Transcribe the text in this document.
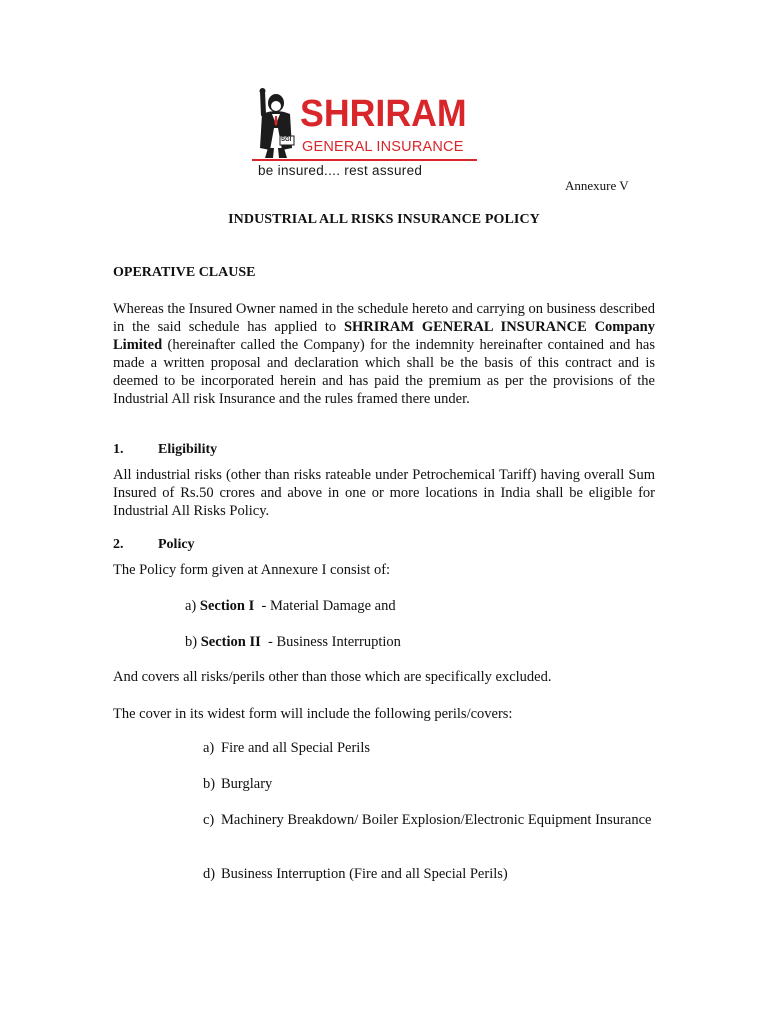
SGI
SHRIRAM
GENERAL INSURANCE
be insured.... rest assured

Annexure V

INDUSTRIAL ALL RISKS INSURANCE POLICY

OPERATIVE CLAUSE

Whereas the Insured Owner named in the schedule hereto and carrying on business described in the said schedule has applied to SHRIRAM GENERAL INSURANCE Company Limited (hereinafter called the Company) for the indemnity hereinafter contained and has made a written proposal and declaration which shall be the basis of this contract and is deemed to be incorporated herein and has paid the premium as per the provisions of the Industrial All risk Insurance and the rules framed there under.

1. Eligibility

All industrial risks (other than risks rateable under Petrochemical Tariff) having overall Sum Insured of Rs.50 crores and above in one or more locations in India shall be eligible for Industrial All Risks Policy.

2. Policy

The Policy form given at Annexure I consist of:

a) Section I - Material Damage and

b) Section II - Business Interruption

And covers all risks/perils other than those which are specifically excluded.

The cover in its widest form will include the following perils/covers:

a) Fire and all Special Perils
b) Burglary
c) Machinery Breakdown/ Boiler Explosion/Electronic Equipment Insurance
d) Business Interruption (Fire and all Special Perils)
